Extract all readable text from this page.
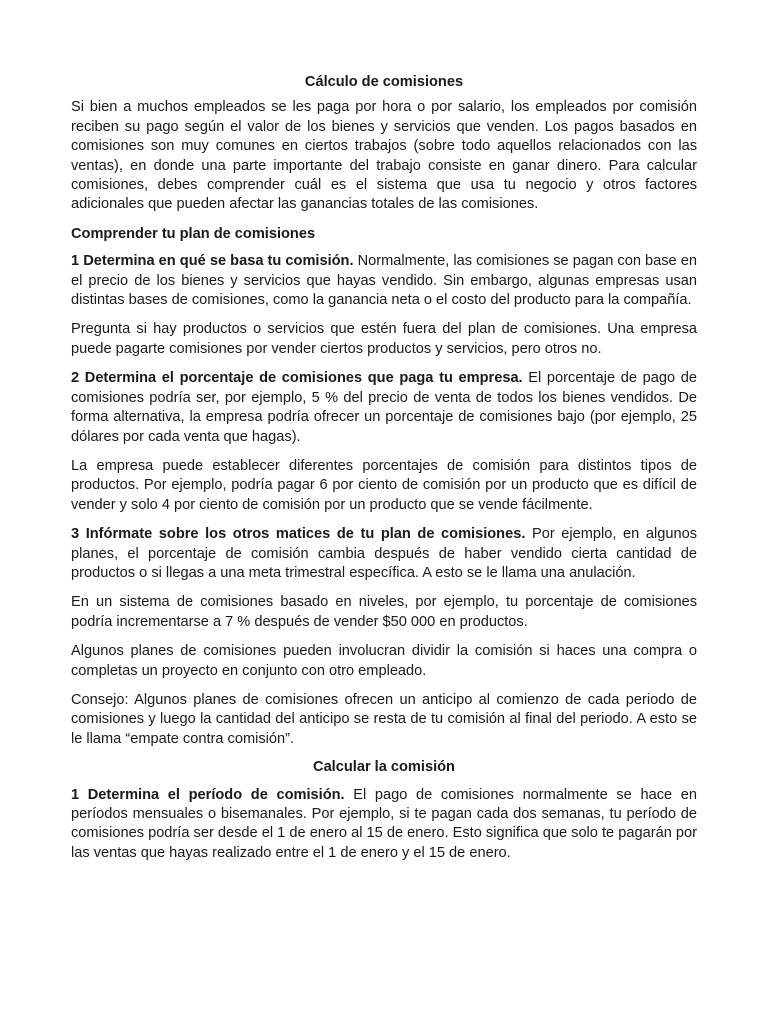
Cálculo de comisiones

Si bien a muchos empleados se les paga por hora o por salario, los empleados por comisión reciben su pago según el valor de los bienes y servicios que venden. Los pagos basados en comisiones son muy comunes en ciertos trabajos (sobre todo aquellos relacionados con las ventas), en donde una parte importante del trabajo consiste en ganar dinero. Para calcular comisiones, debes comprender cuál es el sistema que usa tu negocio y otros factores adicionales que pueden afectar las ganancias totales de las comisiones.

Comprender tu plan de comisiones

1 Determina en qué se basa tu comisión. Normalmente, las comisiones se pagan con base en el precio de los bienes y servicios que hayas vendido. Sin embargo, algunas empresas usan distintas bases de comisiones, como la ganancia neta o el costo del producto para la compañía.

Pregunta si hay productos o servicios que estén fuera del plan de comisiones. Una empresa puede pagarte comisiones por vender ciertos productos y servicios, pero otros no.

2 Determina el porcentaje de comisiones que paga tu empresa. El porcentaje de pago de comisiones podría ser, por ejemplo, 5 % del precio de venta de todos los bienes vendidos. De forma alternativa, la empresa podría ofrecer un porcentaje de comisiones bajo (por ejemplo, 25 dólares por cada venta que hagas).

La empresa puede establecer diferentes porcentajes de comisión para distintos tipos de productos. Por ejemplo, podría pagar 6 por ciento de comisión por un producto que es difícil de vender y solo 4 por ciento de comisión por un producto que se vende fácilmente.

3 Infórmate sobre los otros matices de tu plan de comisiones. Por ejemplo, en algunos planes, el porcentaje de comisión cambia después de haber vendido cierta cantidad de productos o si llegas a una meta trimestral específica. A esto se le llama una anulación.

En un sistema de comisiones basado en niveles, por ejemplo, tu porcentaje de comisiones podría incrementarse a 7 % después de vender $50 000 en productos.

Algunos planes de comisiones pueden involucran dividir la comisión si haces una compra o completas un proyecto en conjunto con otro empleado.

Consejo: Algunos planes de comisiones ofrecen un anticipo al comienzo de cada periodo de comisiones y luego la cantidad del anticipo se resta de tu comisión al final del periodo. A esto se le llama “empate contra comisión”.

Calcular la comisión

1 Determina el período de comisión. El pago de comisiones normalmente se hace en períodos mensuales o bisemanales. Por ejemplo, si te pagan cada dos semanas, tu período de comisiones podría ser desde el 1 de enero al 15 de enero. Esto significa que solo te pagarán por las ventas que hayas realizado entre el 1 de enero y el 15 de enero.
